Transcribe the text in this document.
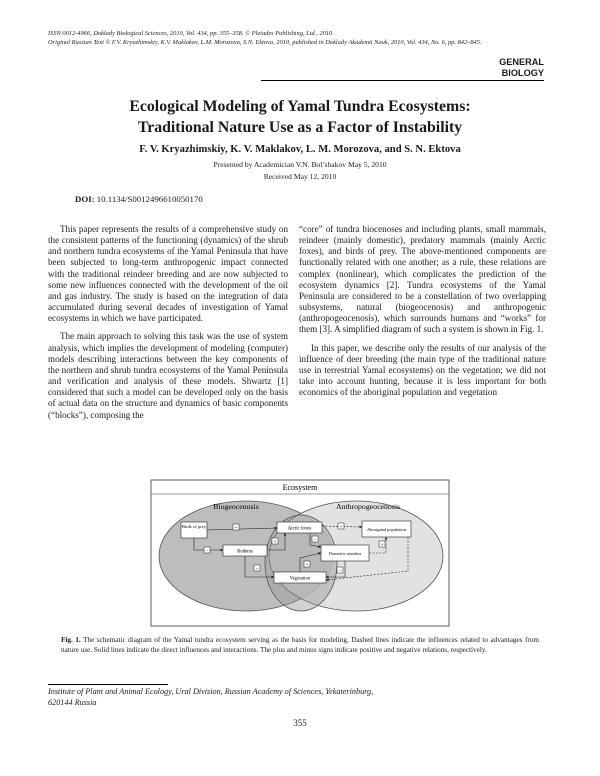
ISSN 0012-4966, Doklady Biological Sciences, 2010, Vol. 434, pp. 355–358. © Pleiades Publishing, Ltd., 2010.
Original Russian Text © F.V. Kryazhimskiy, K.V. Maklakov, L.M. Morozova, S.N. Ektova, 2010, published in Doklady Akademii Nauk, 2010, Vol. 434, No. 6, pp. 842–845.
GENERAL
BIOLOGY
Ecological Modeling of Yamal Tundra Ecosystems:
Traditional Nature Use as a Factor of Instability
F. V. Kryazhimskiy, K. V. Maklakov, L. M. Morozova, and S. N. Ektova
Presented by Academician V.N. Bol’shakov May 5, 2010
Received May 12, 2010
DOI: 10.1134/S0012496610050170

This paper represents the results of a comprehensive study on the consistent patterns of the functioning (dynamics) of the shrub and northern tundra ecosystems of the Yamal Peninsula that have been subjected to long-term anthropogenic impact connected with the traditional reindeer breeding and are now subjected to some new influences connected with the development of the oil and gas industry. The study is based on the integration of data accumulated during several decades of investigation of Yamal ecosystems in which we have participated.

The main approach to solving this task was the use of system analysis, which implies the development of modeling (computer) models describing interactions between the key components of the northern and shrub tundra ecosystems of the Yamal Peninsula and verification and analysis of these models. Shwartz [1] considered that such a model can be developed only on the basis of actual data on the structure and dynamics of basic components (“blocks”), composing the

“core” of tundra biocenoses and including plants, small mammals, reindeer (mainly domestic), predatory mammals (mainly Arctic foxes), and birds of prey. The above-mentioned components are functionally related with one another; as a rule, these relations are complex (nonlinear), which complicates the prediction of the ecosystem dynamics [2]. Tundra ecosystems of the Yamal Peninsula are considered to be a constellation of two overlapping subsystems, natural (biogeocenosis) and anthropogenic (anthropogeocenosis), which surrounds humans and “works” for them [3]. A simplified diagram of such a system is shown in Fig. 1.

In this paper, we describe only the results of our analysis of the influence of deer breeding (the main type of the traditional nature use in terrestrial Yamal ecosystems) on the vegetation; we did not take into account hunting, because it is less important for both economics of the aboriginal population and vegetation

Ecosystem
Biogeocenosis	Anthropogeocenosis
Birds of prey	Arctic foxes	Aboriginal population
Rodents	Domestic reindeer
Vegetation
+
−
+
−
+
−
+
+
−
Fig. 1. The schematic diagram of the Yamal tundra ecosystem serving as the basis for modeling. Dashed lines indicate the influences related to advantages from nature use. Solid lines indicate the direct influences and interactions. The plus and minus signs indicate positive and negative relations, respectively.
Institute of Plant and Animal Ecology, Ural Division, Russian Academy of Sciences, Yekaterinburg,
620144 Russia
355
